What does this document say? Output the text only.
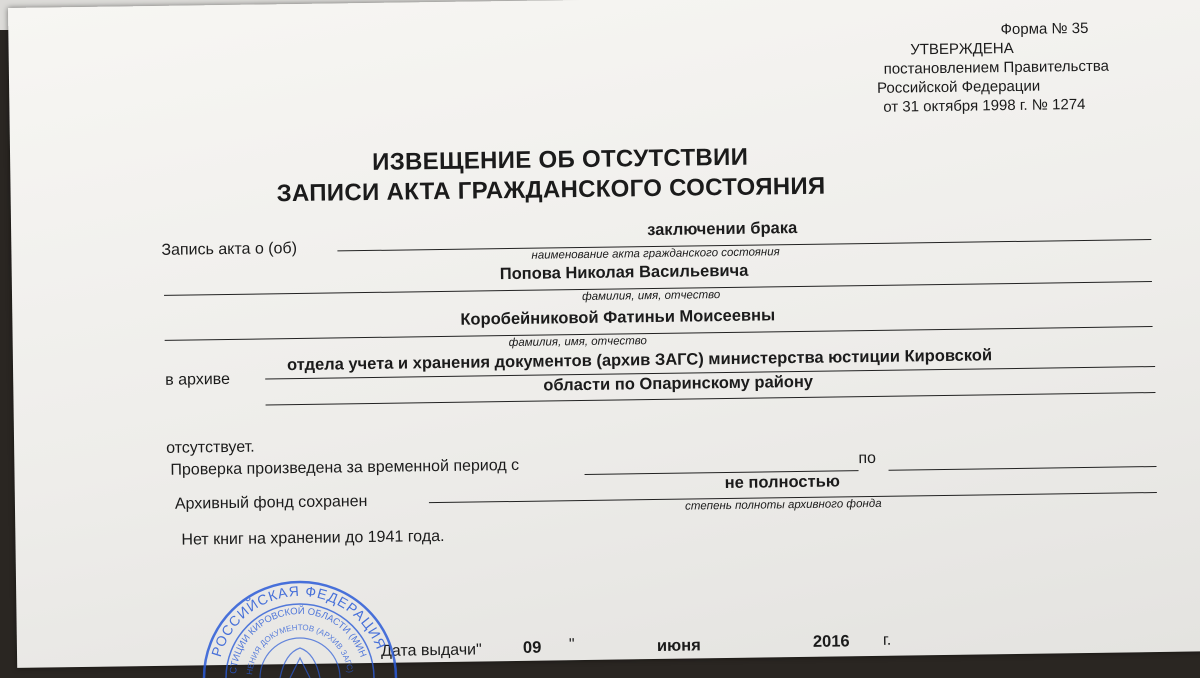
Форма № 35
УТВЕРЖДЕНА
постановлением Правительства
Российской Федерации
от 31 октября 1998 г. № 1274
ИЗВЕЩЕНИЕ ОБ ОТСУТСТВИИ
ЗАПИСИ АКТА ГРАЖДАНСКОГО СОСТОЯНИЯ
Запись акта о (об)
заключении брака
наименование акта гражданского состояния
Попова Николая Васильевича
фамилия, имя, отчество
Коробейниковой Фатиньи Моисеевны
фамилия, имя, отчество
в архиве
отдела учета и хранения документов (архив ЗАГС) министерства юстиции Кировской
области по Опаринскому району
отсутствует.
Проверка произведена за временной период с	по
Архивный фонд сохранен
не полностью
степень полноты архивного фонда
Нет книг на хранении до 1941 года.
Дата выдачи" 09 "	июня	2016 г.
РОССИЙСКАЯ ФЕДЕРАЦИЯ
СТИЦИИ КИРОВСКОЙ ОБЛАСТИ (МИН
НЕНИЯ ДОКУМЕНТОВ (АРХИВ ЗАГС)
